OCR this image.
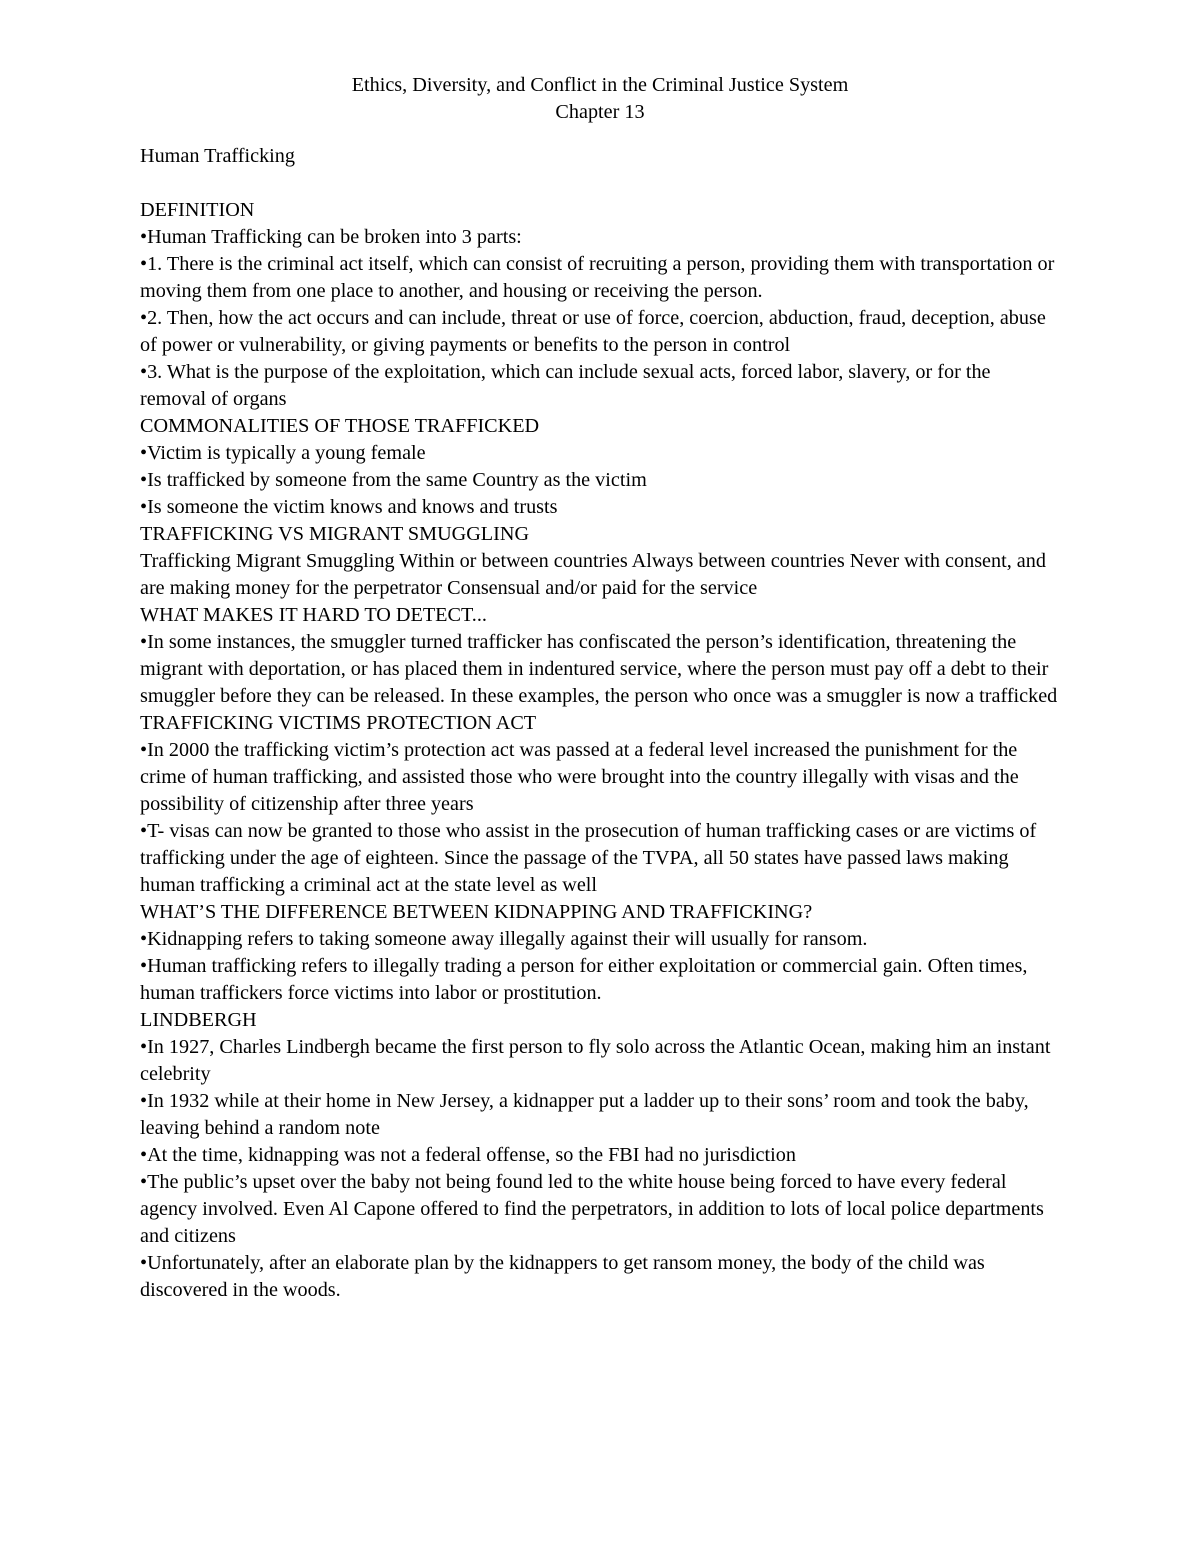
Ethics, Diversity, and Conflict in the Criminal Justice System
Chapter 13
Human Trafficking
DEFINITION

•Human Trafficking can be broken into 3 parts:

•1. There is the criminal act itself, which can consist of recruiting a person, providing them with transportation or moving them from one place to another, and housing or receiving the person.

•2. Then, how the act occurs and can include, threat or use of force, coercion, abduction, fraud, deception, abuse of power or vulnerability, or giving payments or benefits to the person in control

•3. What is the purpose of the exploitation, which can include sexual acts, forced labor, slavery, or for the removal of organs

COMMONALITIES OF THOSE TRAFFICKED

•Victim is typically a young female

•Is trafficked by someone from the same Country as the victim

•Is someone the victim knows and knows and trusts

TRAFFICKING VS MIGRANT SMUGGLING

Trafficking Migrant Smuggling Within or between countries Always between countries Never with consent, and are making money for the perpetrator Consensual and/or paid for the service

WHAT MAKES IT HARD TO DETECT...

•In some instances, the smuggler turned trafficker has confiscated the person’s identification, threatening the migrant with deportation, or has placed them in indentured service, where the person must pay off a debt to their smuggler before they can be released. In these examples, the person who once was a smuggler is now a trafficked

TRAFFICKING VICTIMS PROTECTION ACT

•In 2000 the trafficking victim’s protection act was passed at a federal level increased the punishment for the crime of human trafficking, and assisted those who were brought into the country illegally with visas and the possibility of citizenship after three years

•T- visas can now be granted to those who assist in the prosecution of human trafficking cases or are victims of trafficking under the age of eighteen. Since the passage of the TVPA, all 50 states have passed laws making human trafficking a criminal act at the state level as well

WHAT’S THE DIFFERENCE BETWEEN KIDNAPPING AND TRAFFICKING?

•Kidnapping refers to taking someone away illegally against their will usually for ransom.

•Human trafficking refers to illegally trading a person for either exploitation or commercial gain. Often times, human traffickers force victims into labor or prostitution.

LINDBERGH

•In 1927, Charles Lindbergh became the first person to fly solo across the Atlantic Ocean, making him an instant celebrity

•In 1932 while at their home in New Jersey, a kidnapper put a ladder up to their sons’ room and took the baby, leaving behind a random note

•At the time, kidnapping was not a federal offense, so the FBI had no jurisdiction

•The public’s upset over the baby not being found led to the white house being forced to have every federal agency involved. Even Al Capone offered to find the perpetrators, in addition to lots of local police departments and citizens

•Unfortunately, after an elaborate plan by the kidnappers to get ransom money, the body of the child was discovered in the woods.
